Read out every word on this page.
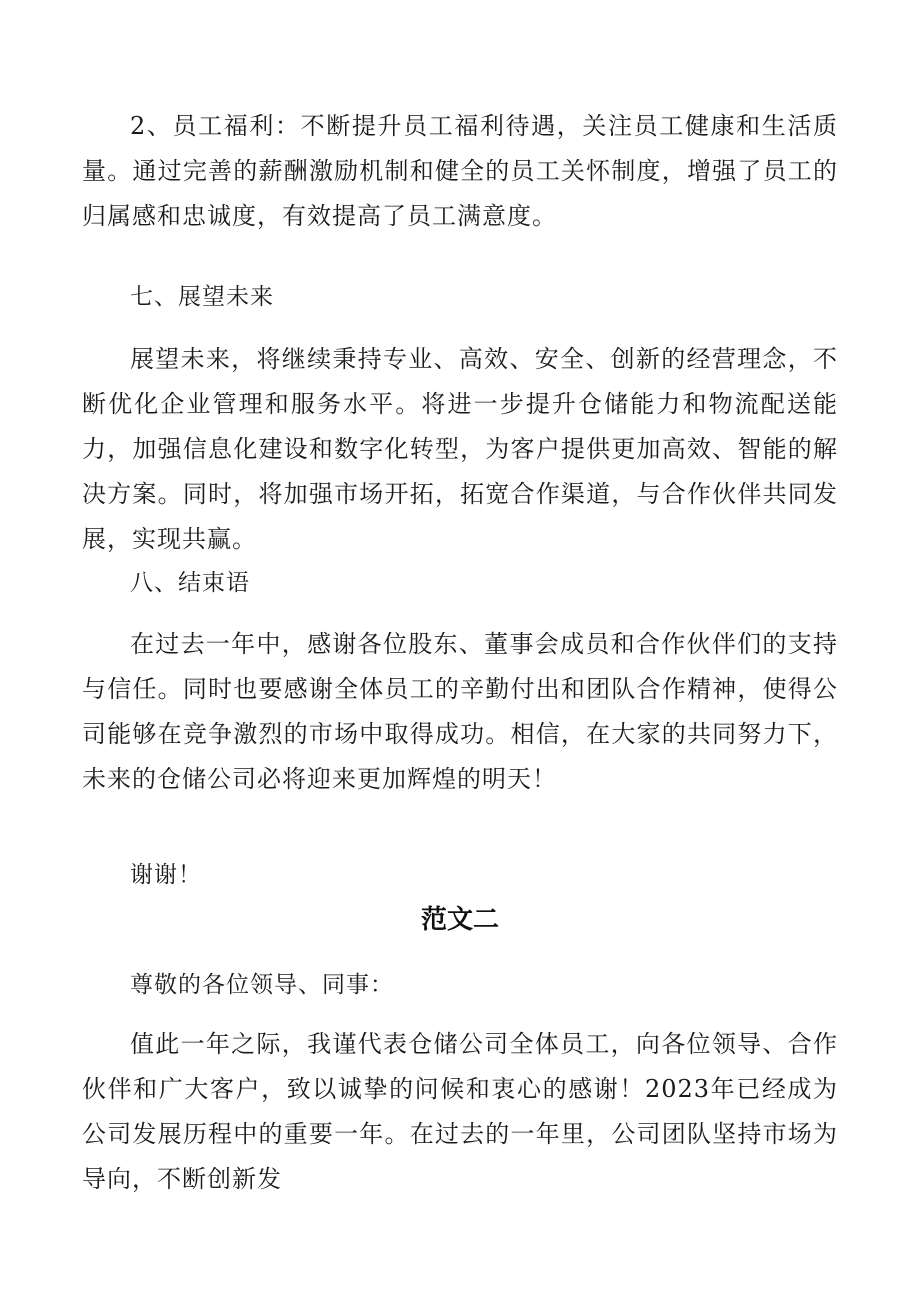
2、员工福利：不断提升员工福利待遇，关注员工健康和生活质量。通过完善的薪酬激励机制和健全的员工关怀制度，增强了员工的归属感和忠诚度，有效提高了员工满意度。

七、展望未来

展望未来，将继续秉持专业、高效、安全、创新的经营理念，不断优化企业管理和服务水平。将进一步提升仓储能力和物流配送能力，加强信息化建设和数字化转型，为客户提供更加高效、智能的解决方案。同时，将加强市场开拓，拓宽合作渠道，与合作伙伴共同发展，实现共赢。

八、结束语

在过去一年中，感谢各位股东、董事会成员和合作伙伴们的支持与信任。同时也要感谢全体员工的辛勤付出和团队合作精神，使得公司能够在竞争激烈的市场中取得成功。相信，在大家的共同努力下，未来的仓储公司必将迎来更加辉煌的明天！

谢谢！

范文二

尊敬的各位领导、同事：

值此一年之际，我谨代表仓储公司全体员工，向各位领导、合作伙伴和广大客户，致以诚挚的问候和衷心的感谢！2023年已经成为公司发展历程中的重要一年。在过去的一年里，公司团队坚持市场为导向，不断创新发
